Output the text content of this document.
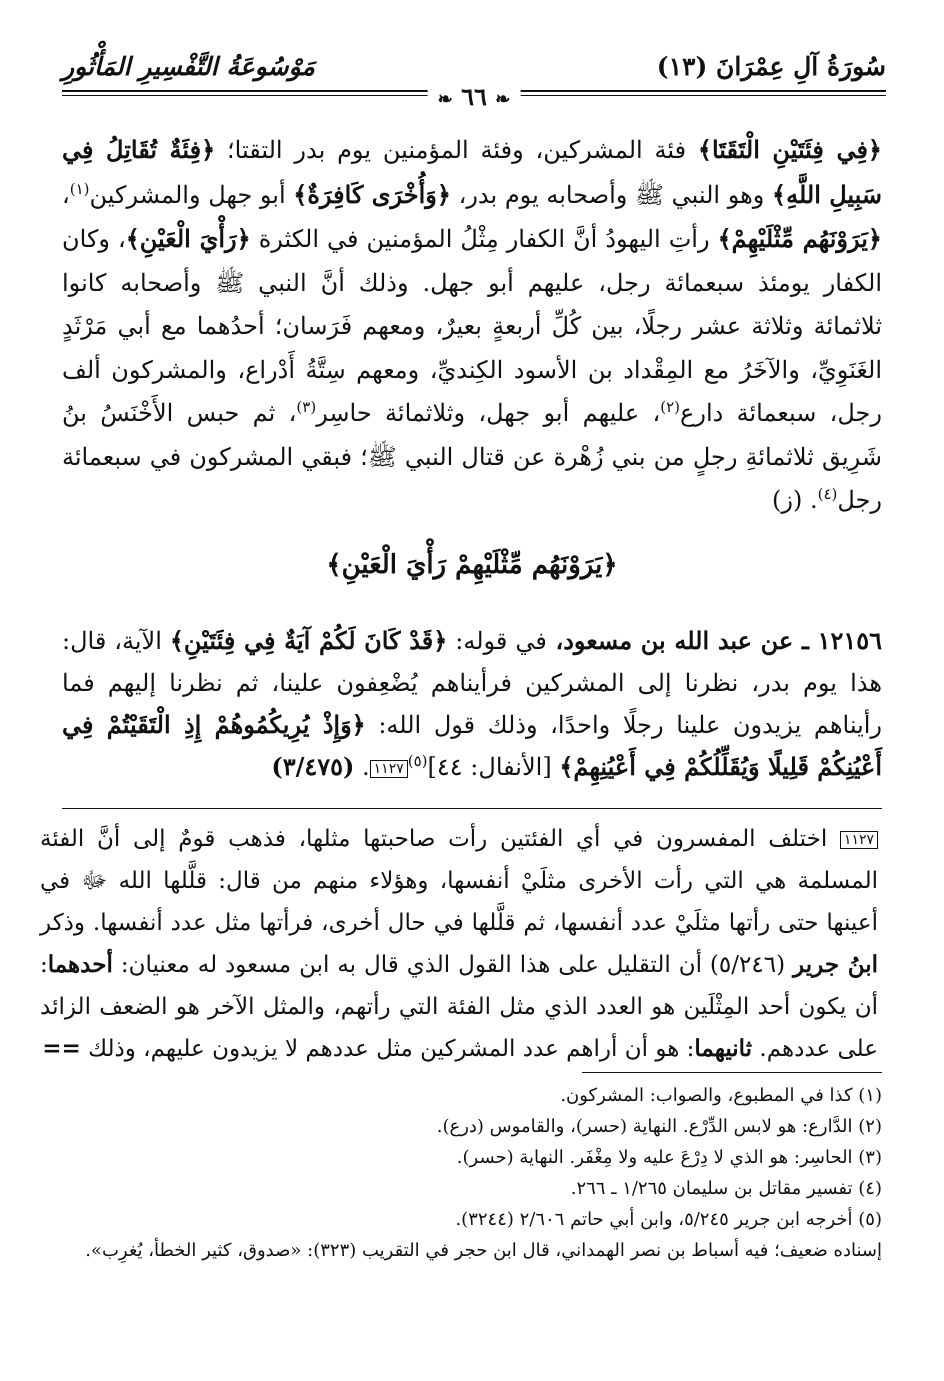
سُورَةُ آلِ عِمْرَانَ (١٣)
مَوْسُوعَةُ التَّفْسِيرِ المَأْثُورِ
❧ ٦٦ ❧

﴿فِي فِئَتَيْنِ الْتَقَتَا﴾ فئة المشركين، وفئة المؤمنين يوم بدر التقتا؛ ﴿فِئَةٌ تُقَاتِلُ فِي سَبِيلِ اللَّهِ﴾ وهو النبي ﷺ وأصحابه يوم بدر، ﴿وَأُخْرَى كَافِرَةٌ﴾ أبو جهل والمشركين$^{(١)}$، ﴿يَرَوْنَهُم مِّثْلَيْهِمْ﴾ رأتِ اليهودُ أنَّ الكفار مِثْلُ المؤمنين في الكثرة ﴿رَأْيَ الْعَيْنِ﴾، وكان الكفار يومئذ سبعمائة رجل، عليهم أبو جهل. وذلك أنَّ النبي ﷺ وأصحابه كانوا ثلاثمائة وثلاثة عشر رجلًا، بين كُلِّ أربعةٍ بعيرٌ، ومعهم فَرَسان؛ أحدُهما مع أبي مَرْثَدٍ الغَنَوِيِّ، والآخَرُ مع المِقْداد بن الأسود الكِنديِّ، ومعهم سِتَّةُ أَدْراع، والمشركون ألف رجل، سبعمائة دارع$^{(٢)}$، عليهم أبو جهل، وثلاثمائة حاسِر$^{(٣)}$، ثم حبس الأَخْنَسُ بنُ شَرِيق ثلاثمائةِ رجلٍ من بني زُهْرة عن قتال النبي ﷺ؛ فبقي المشركون في سبعمائة رجل$^{(٤)}$. (ز)

﴿يَرَوْنَهُم مِّثْلَيْهِمْ رَأْيَ الْعَيْنِ﴾

١٢١٥٦ ـ عن عبد الله بن مسعود، في قوله: ﴿قَدْ كَانَ لَكُمْ آيَةٌ فِي فِئَتَيْنِ﴾ الآية، قال: هذا يوم بدر، نظرنا إلى المشركين فرأيناهم يُضْعِفون علينا، ثم نظرنا إليهم فما رأيناهم يزيدون علينا رجلًا واحدًا، وذلك قول الله: ﴿وَإِذْ يُرِيكُمُوهُمْ إِذِ الْتَقَيْتُمْ فِي أَعْيُنِكُمْ قَلِيلًا وَيُقَلِّلُكُمْ فِي أَعْيُنِهِمْ﴾ [الأنفال: ٤٤]$^{(٥)}$١١٢٧. (٣/٤٧٥)

١١٢٧ اختلف المفسرون في أي الفئتين رأت صاحبتها مثلها، فذهب قومٌ إلى أنَّ الفئة المسلمة هي التي رأت الأخرى مثلَيْ أنفسها، وهؤلاء منهم من قال: قلَّلها الله ﷻ في أعينها حتى رأتها مثلَيْ عدد أنفسها، ثم قلَّلها في حال أخرى، فرأتها مثل عدد أنفسها. وذكر ابنُ جرير (٥/٢٤٦) أن التقليل على هذا القول الذي قال به ابن مسعود له معنيان: أحدهما: أن يكون أحد المِثْلَين هو العدد الذي مثل الفئة التي رأتهم، والمثل الآخر هو الضعف الزائد على عددهم. ثانيهما: هو أن أراهم عدد المشركين مثل عددهم لا يزيدون عليهم، وذلك ==

(١) كذا في المطبوع، والصواب: المشركون.

(٢) الدَّارع: هو لابس الدِّرْع. النهاية (حسر)، والقاموس (درع).

(٣) الحاسِر: هو الذي لا دِرْعَ عليه ولا مِغْفَر. النهاية (حسر).

(٤) تفسير مقاتل بن سليمان ١/٢٦٥ ـ ٢٦٦.

(٥) أخرجه ابن جرير ٥/٢٤٥، وابن أبي حاتم ٢/٦٠٦ (٣٢٤٤).

إسناده ضعيف؛ فيه أسباط بن نصر الهمداني، قال ابن حجر في التقريب (٣٢٣): «صدوق، كثير الخطأ، يُغرِب».
